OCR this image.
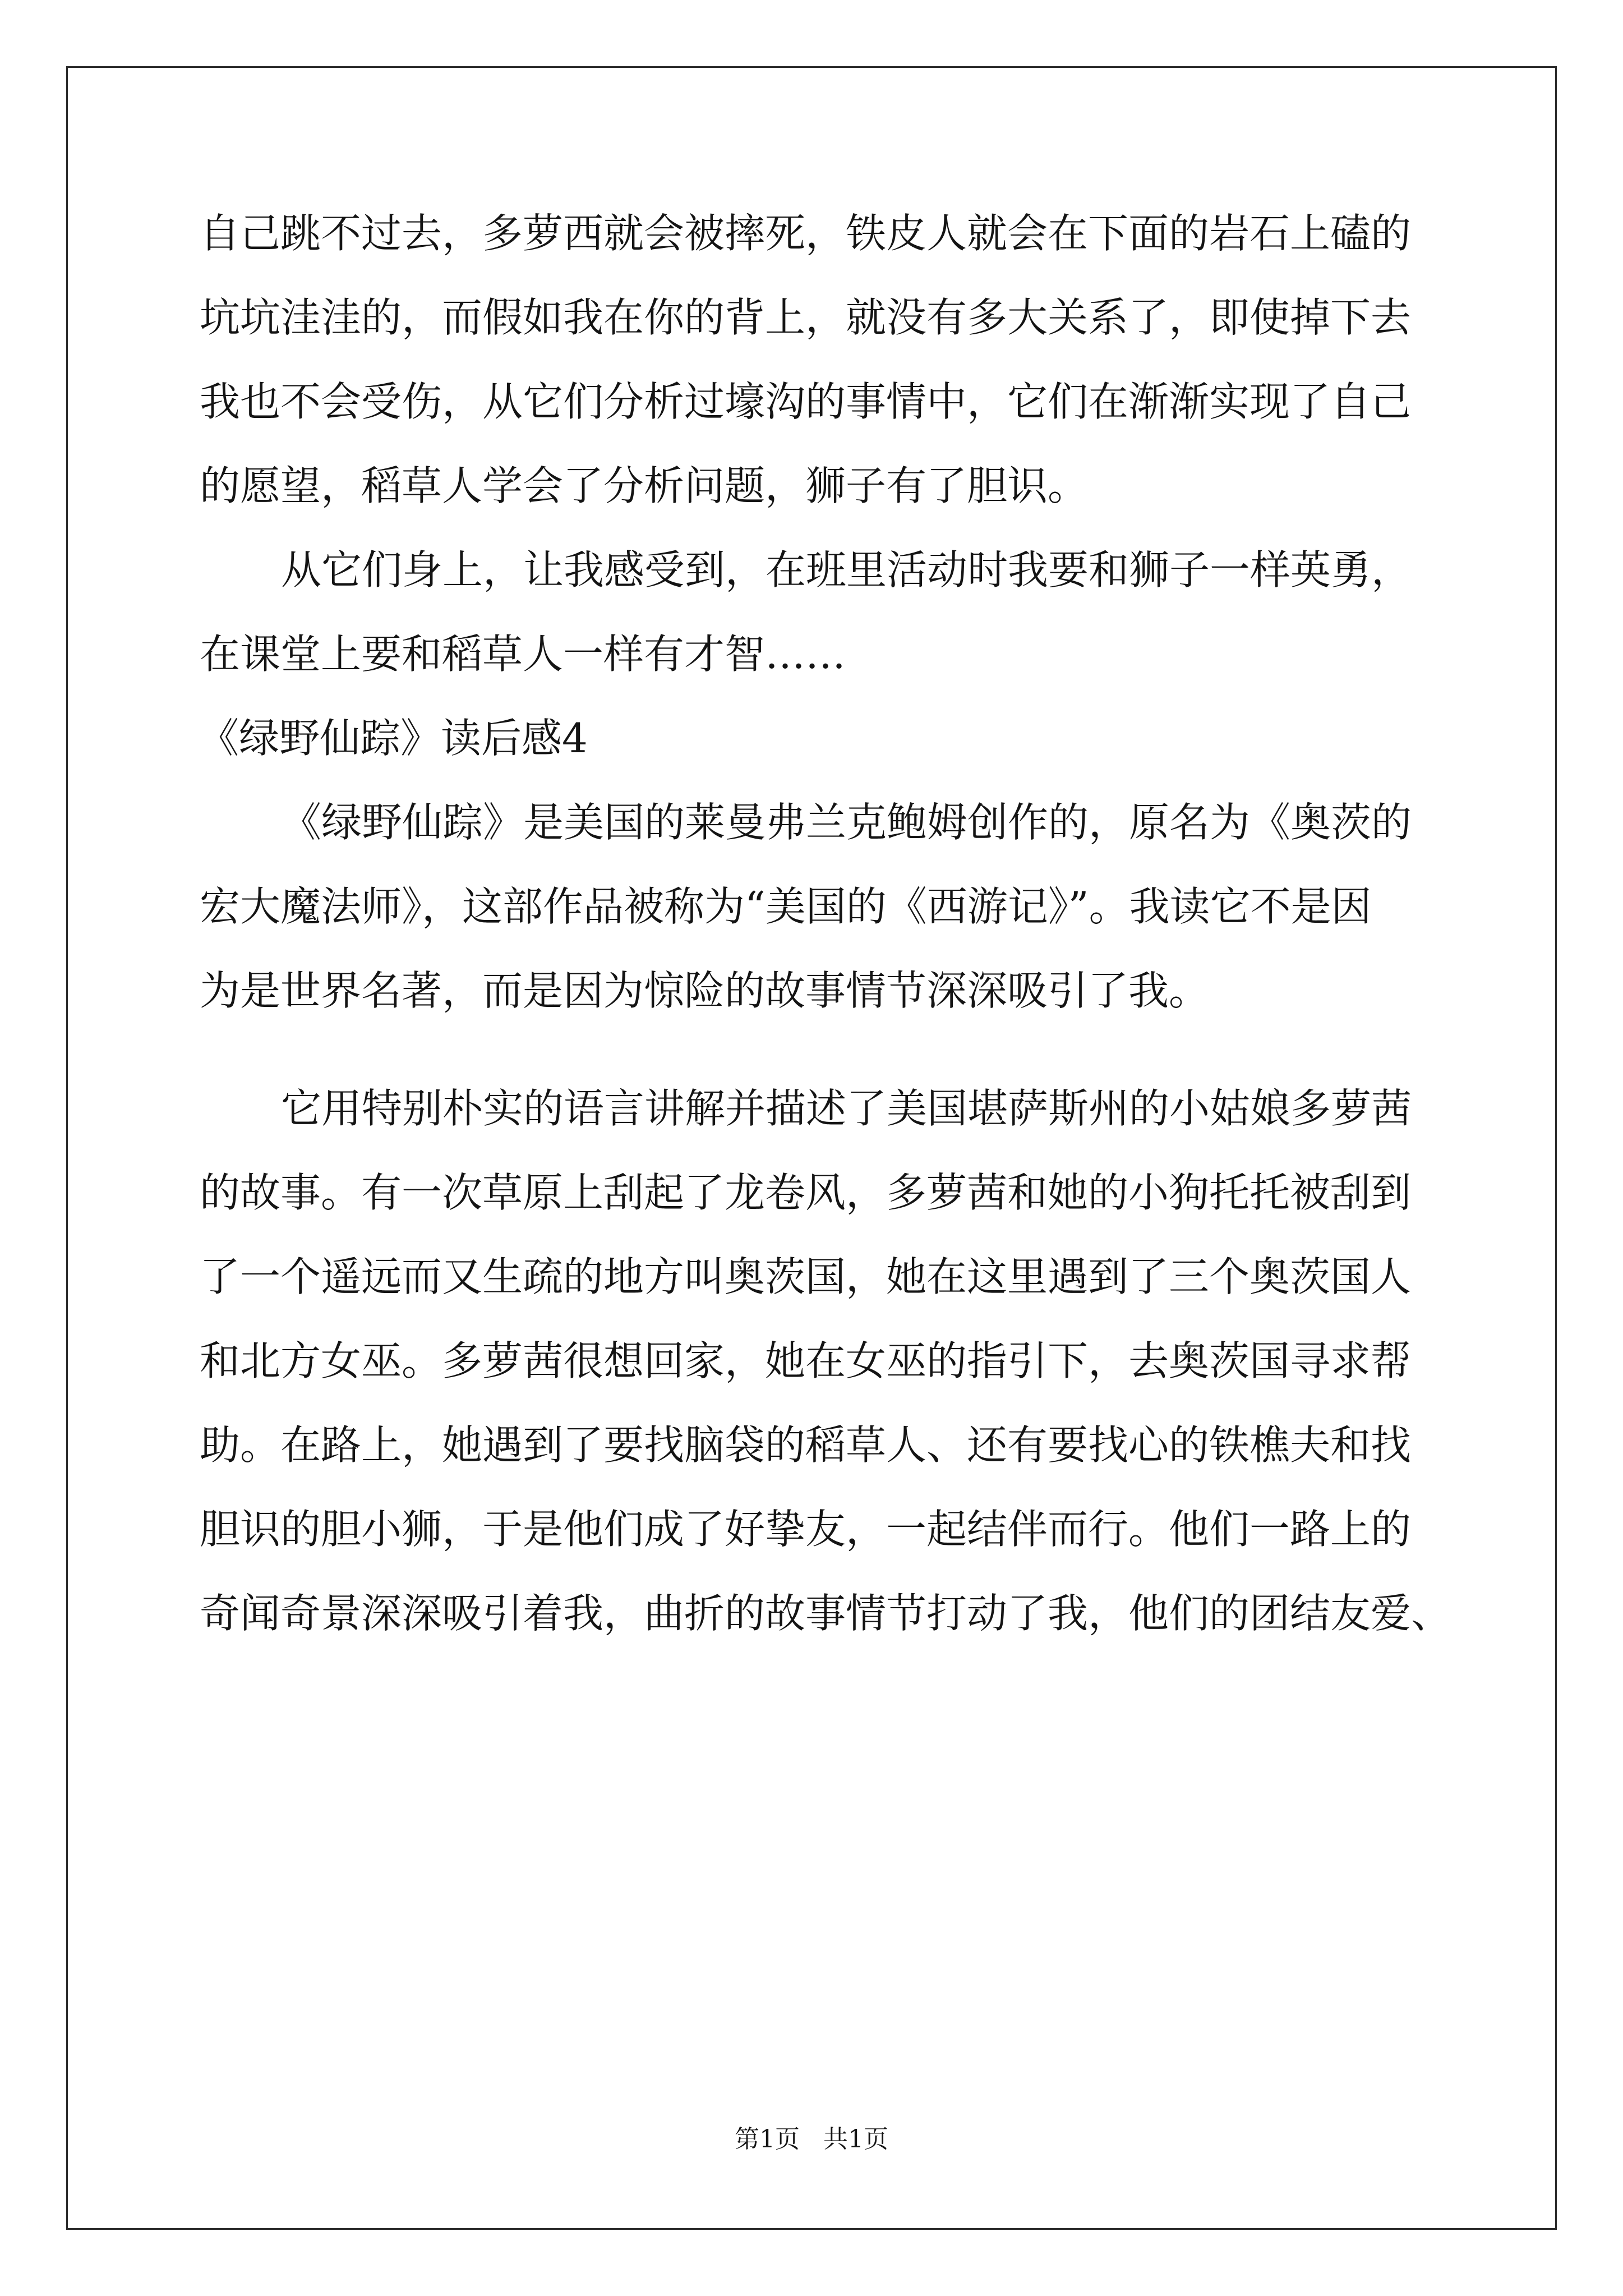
自己跳不过去，多萝西就会被摔死，铁皮人就会在下面的岩石上磕的
坑坑洼洼的，而假如我在你的背上，就没有多大关系了，即使掉下去
我也不会受伤，从它们分析过壕沟的事情中，它们在渐渐实现了自己
的愿望，稻草人学会了分析问题，狮子有了胆识。
从它们身上，让我感受到，在班里活动时我要和狮子一样英勇，
在课堂上要和稻草人一样有才智……
《绿野仙踪》读后感4
《绿野仙踪》是美国的莱曼弗兰克鲍姆创作的，原名为《奥茨的
宏大魔法师》，这部作品被称为“美国的《西游记》”。我读它不是因
为是世界名著，而是因为惊险的故事情节深深吸引了我。
它用特别朴实的语言讲解并描述了美国堪萨斯州的小姑娘多萝茜
的故事。有一次草原上刮起了龙卷风，多萝茜和她的小狗托托被刮到
了一个遥远而又生疏的地方叫奥茨国，她在这里遇到了三个奥茨国人
和北方女巫。多萝茜很想回家，她在女巫的指引下，去奥茨国寻求帮
助。在路上，她遇到了要找脑袋的稻草人、还有要找心的铁樵夫和找
胆识的胆小狮，于是他们成了好挚友，一起结伴而行。他们一路上的
奇闻奇景深深吸引着我，曲折的故事情节打动了我，他们的团结友爱、
第1页   共1页
